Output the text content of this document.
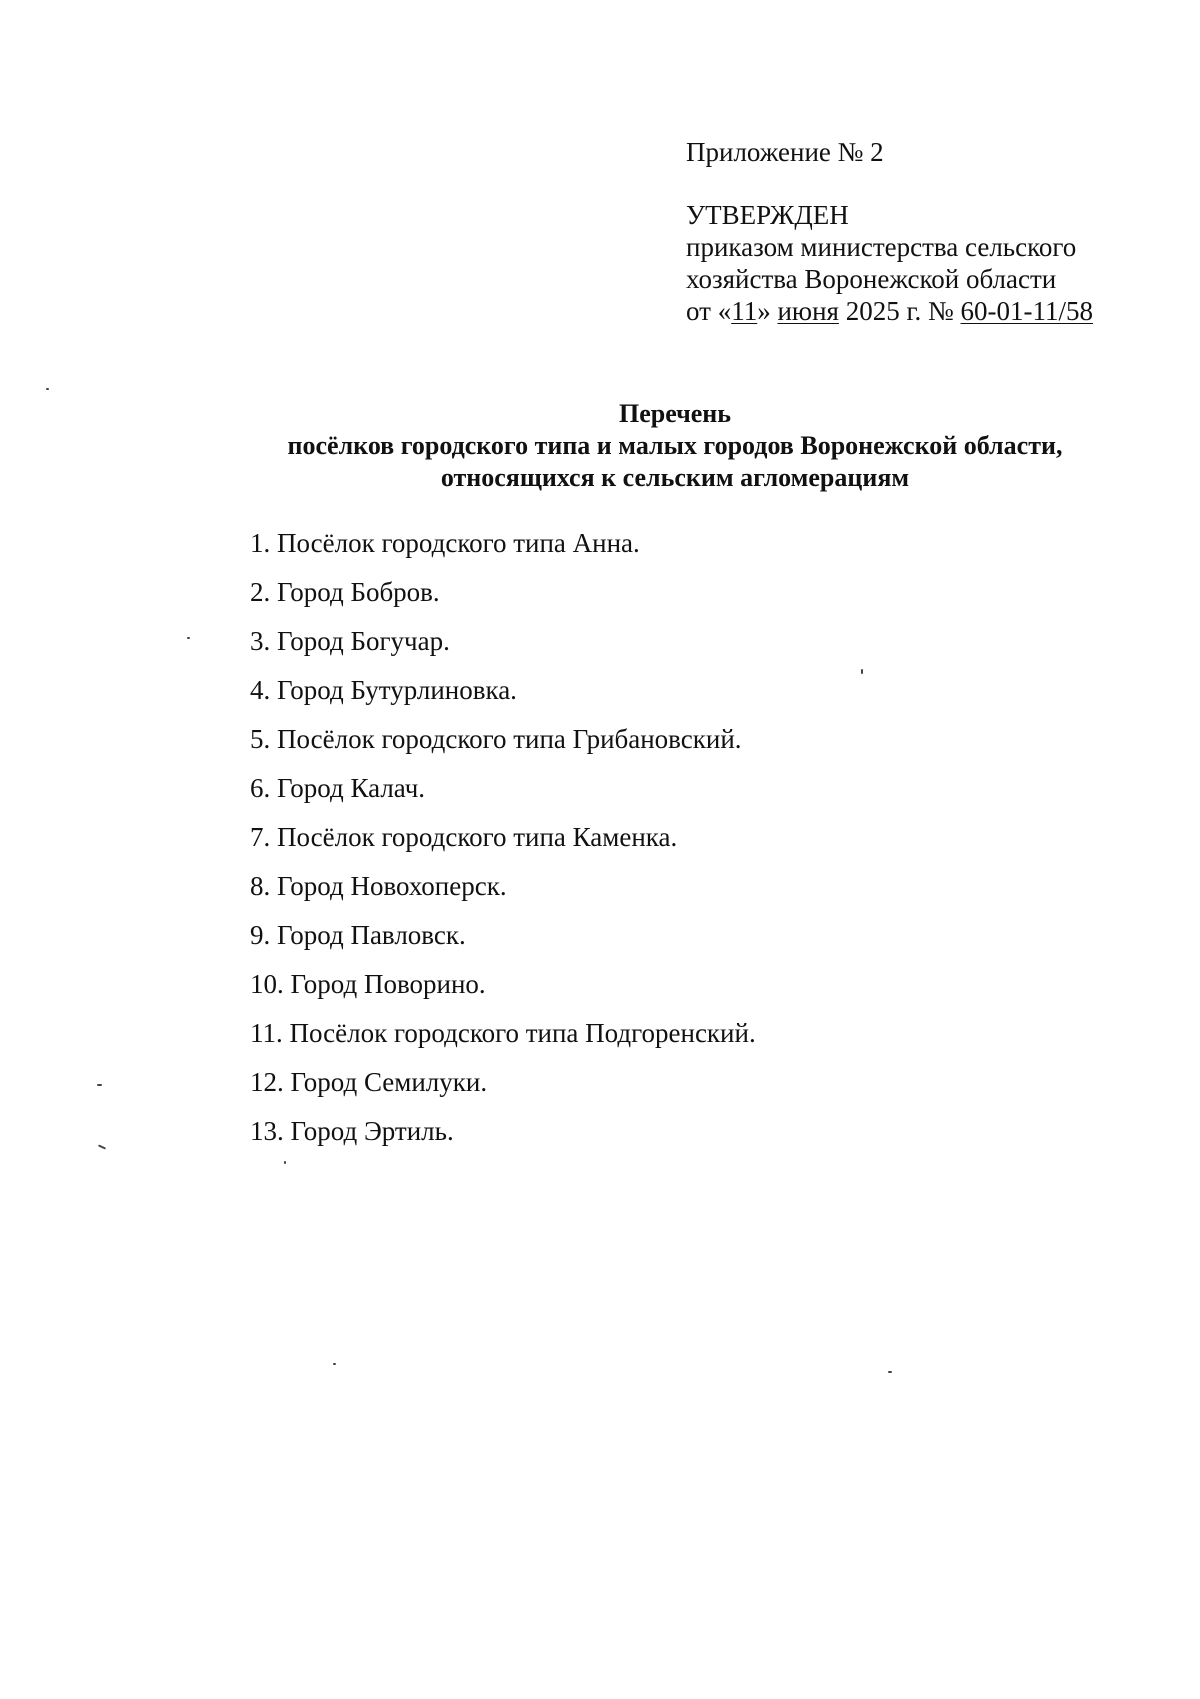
Приложение № 2
УТВЕРЖДЕН
приказом министерства сельского
хозяйства Воронежской области
от «11» июня 2025 г. № 60-01-11/58
Перечень
посёлков городского типа и малых городов Воронежской области,
относящихся к сельским агломерациям
1. Посёлок городского типа Анна.
2. Город Бобров.
3. Город Богучар.
4. Город Бутурлиновка.
5. Посёлок городского типа Грибановский.
6. Город Калач.
7. Посёлок городского типа Каменка.
8. Город Новохоперск.
9. Город Павловск.
10. Город Поворино.
11. Посёлок городского типа Подгоренский.
12. Город Семилуки.
13. Город Эртиль.
